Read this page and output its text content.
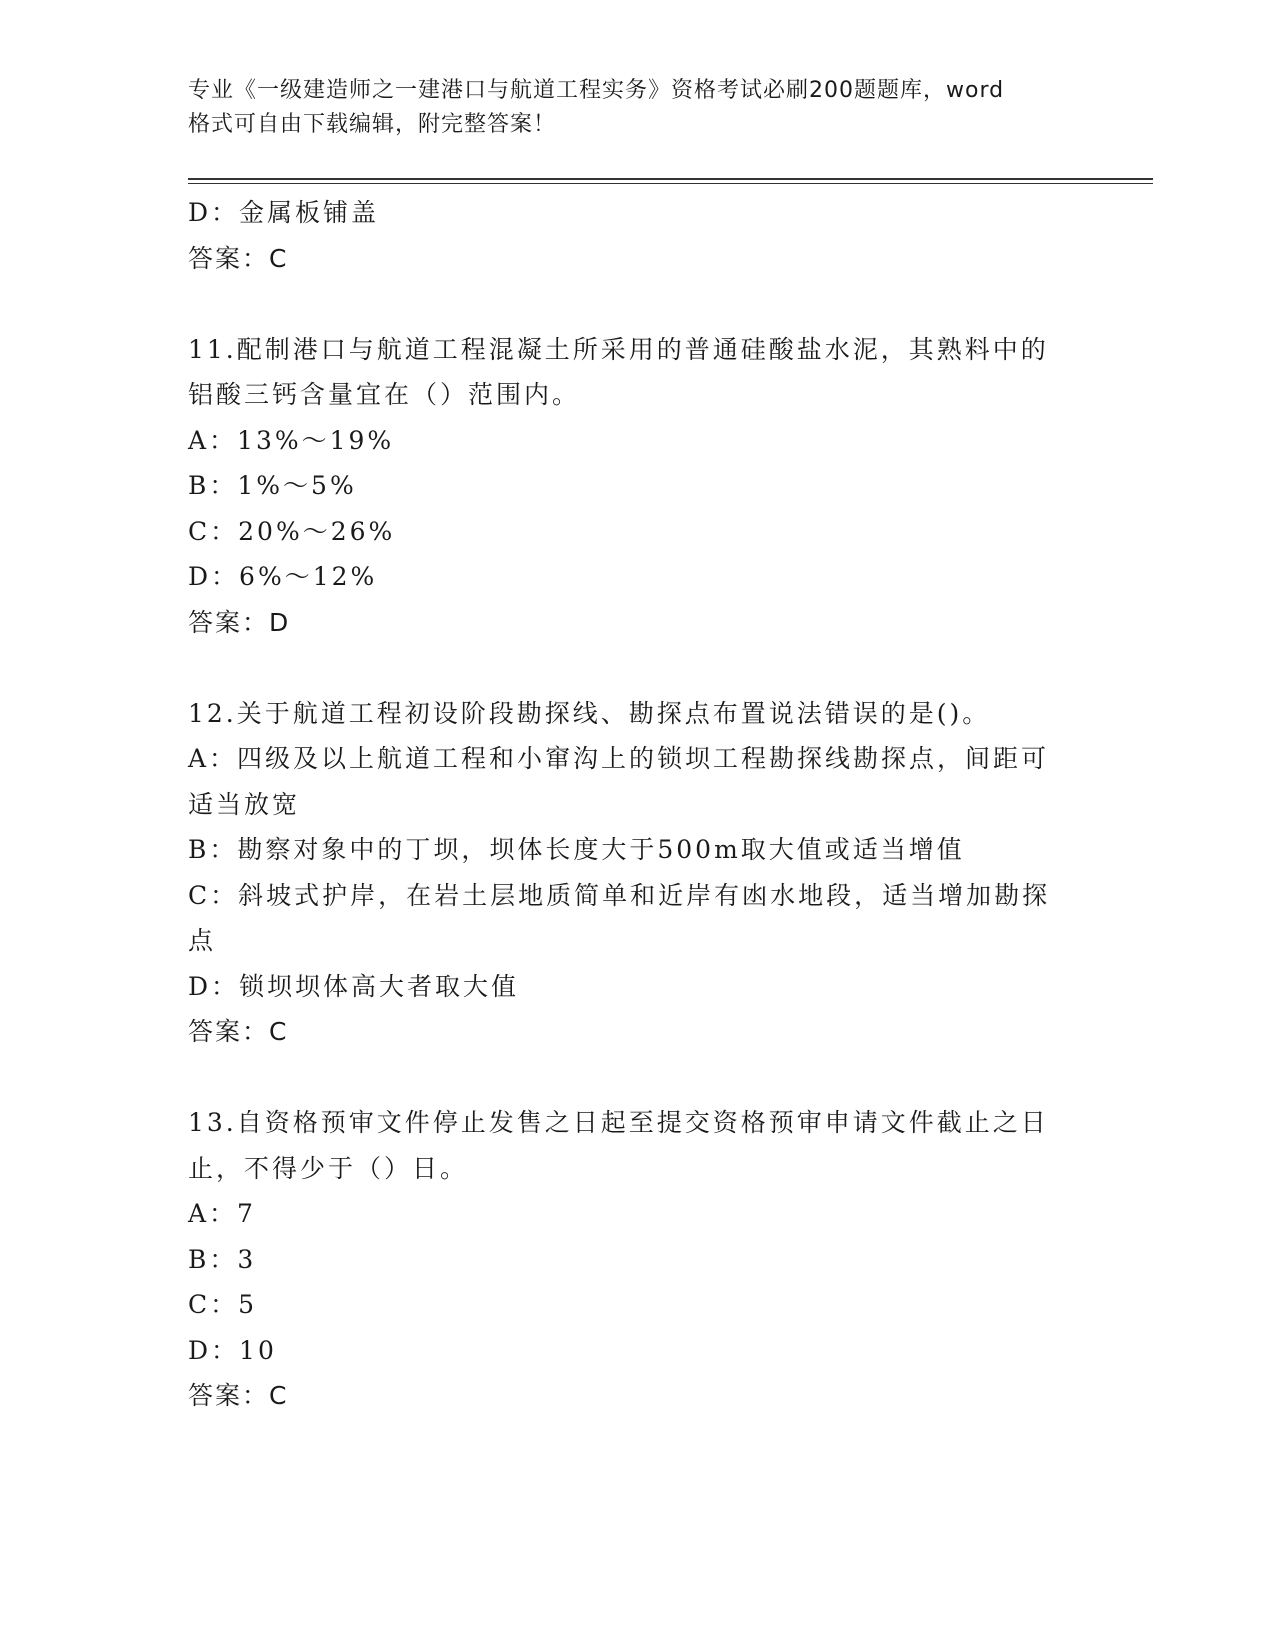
专业《一级建造师之一建港口与航道工程实务》资格考试必刷200题题库，word
格式可自由下载编辑，附完整答案！
D：金属板铺盖
答案：C
11.配制港口与航道工程混凝土所采用的普通硅酸盐水泥，其熟料中的
铝酸三钙含量宜在（）范围内。
A：13%～19%
B：1%～5%
C：20%～26%
D：6%～12%
答案：D
12.关于航道工程初设阶段勘探线、勘探点布置说法错误的是()。
A：四级及以上航道工程和小窜沟上的锁坝工程勘探线勘探点，间距可
适当放宽
B：勘察对象中的丁坝，坝体长度大于500m取大值或适当增值
C：斜坡式护岸，在岩土层地质简单和近岸有凼水地段，适当增加勘探
点
D：锁坝坝体高大者取大值
答案：C
13.自资格预审文件停止发售之日起至提交资格预审申请文件截止之日
止，不得少于（）日。
A：7
B：3
C：5
D：10
答案：C
